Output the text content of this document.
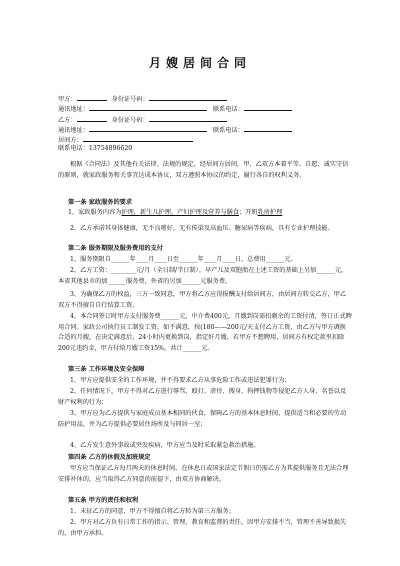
月嫂居间合同
甲方：	身份证号码：
通讯地址：	联系电话：
乙方：	身份证号码：
通讯地址：	联系电话：
居间方：
联系电话：13754896620
根据《合同法》及其他有关法律、法规的规定，经居间方居间，甲、乙双方本着平等、自愿、诚实守信的原则，就家政服务和关事宜达成本协议，双方遵照本协议的约定，履行各自的权利义务。
第一条 家政服务的要求
1、家政服务内容为护理，新生儿护理、产妇护理及营养与膳食；开奶乳房护理
2、乙方承诺其身体健康，无不良嗜好，无有传染及高血压、糖尿病等疾病，具有专业护理技能。
第二条 服务期限及服务费用的支付
1、服务期限自______年____月____日至______年____月____日，总费用______元。
2、乙方工资：________元/月（全日制/半日制）。早产儿及双胞胎在上述工资的基础上另加______元。本省其他县市的加______服务费，外省的另加______元服务费。
3、为确保乙方的权益，三方一致同意，甲方将乙方应得报酬支付给居间方，由居间方转交乙方，甲乙双方不得擅自自行结算工资。
4、本合同签订时甲方支付服务费______元，中介费400元，月嫂到岗需扣剩余的工资付清，签订正式聘用合同。家政公司执行员工制发工资，如不满意，按(180——200元/天支付乙方工资，由乙方与甲方调换合适的月嫂，在决定满意后，24小时内更换到岗，指定好月嫂，若甲方不想聘用，居间方有权定款里扣除200元违约金，甲方付给月嫂工资15%，共计______元。
第三条 工作环境及安全保障
1、甲方应提供安全的工作环境，并不得要求乙方从事危险工作或违法犯罪行为；
2、任何情况下，甲方不得对乙方进行辱骂、殴打、虐待、搜身、拘押钱物等侵犯乙方人身、名誉以及财产权利的行为；
3、甲方应为乙方提供与家庭成员基本相同的伙食，保障乙方的基本休息时间，提供适当和必要的劳动防护用品，并为乙方提供必要居住场所及与同居一室；
4、乙方发生意外事故或突发疾病，甲方应当及时采取紧急救治措施。
第四条 乙方的休假及加班规定
甲方应当保证乙方每月两天的休息时间，在休息日或国家法定节假日仍需乙方为其提供服务且无法合理安排补休的，应当取得乙方同意的前提下，由双方协商解决。
第五条 甲方的责任和权利
1、未征乙方的同意，甲方不得擅自将乙方转为第三方服务；
2、甲方对乙方负有日常工作的指示、管理、教育和监督的责任，因甲方安排不当，管理不善导致损失的，由甲方承担。
